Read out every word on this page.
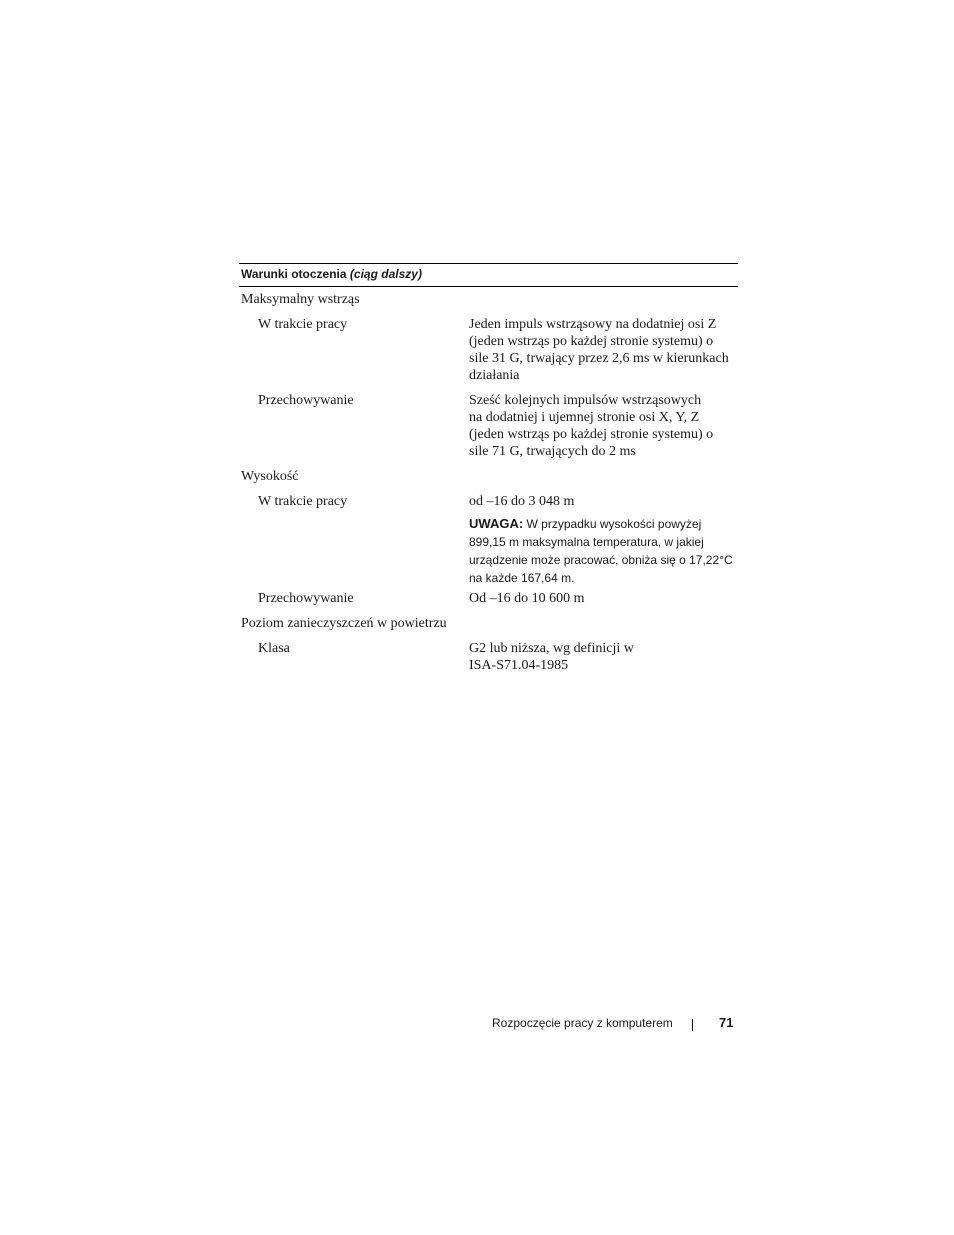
Warunki otoczenia (ciąg dalszy)
Maksymalny wstrząs
W trakcie pracy	Jeden impuls wstrząsowy na dodatniej osi Z
(jeden wstrząs po każdej stronie systemu) o
sile 31 G, trwający przez 2,6 ms w kierunkach
działania
Przechowywanie	Sześć kolejnych impulsów wstrząsowych
na dodatniej i ujemnej stronie osi X, Y, Z
(jeden wstrząs po każdej stronie systemu) o
sile 71 G, trwających do 2 ms
Wysokość
W trakcie pracy	od –16 do 3 048 m
UWAGA: W przypadku wysokości powyżej
899,15 m maksymalna temperatura, w jakiej
urządzenie może pracować, obniża się o 17,22°C
na każde 167,64 m.
Przechowywanie	Od –16 do 10 600 m
Poziom zanieczyszczeń w powietrzu
Klasa	G2 lub niższa, wg definicji w
ISA-S71.04-1985
Rozpoczęcie pracy z komputerem	71
